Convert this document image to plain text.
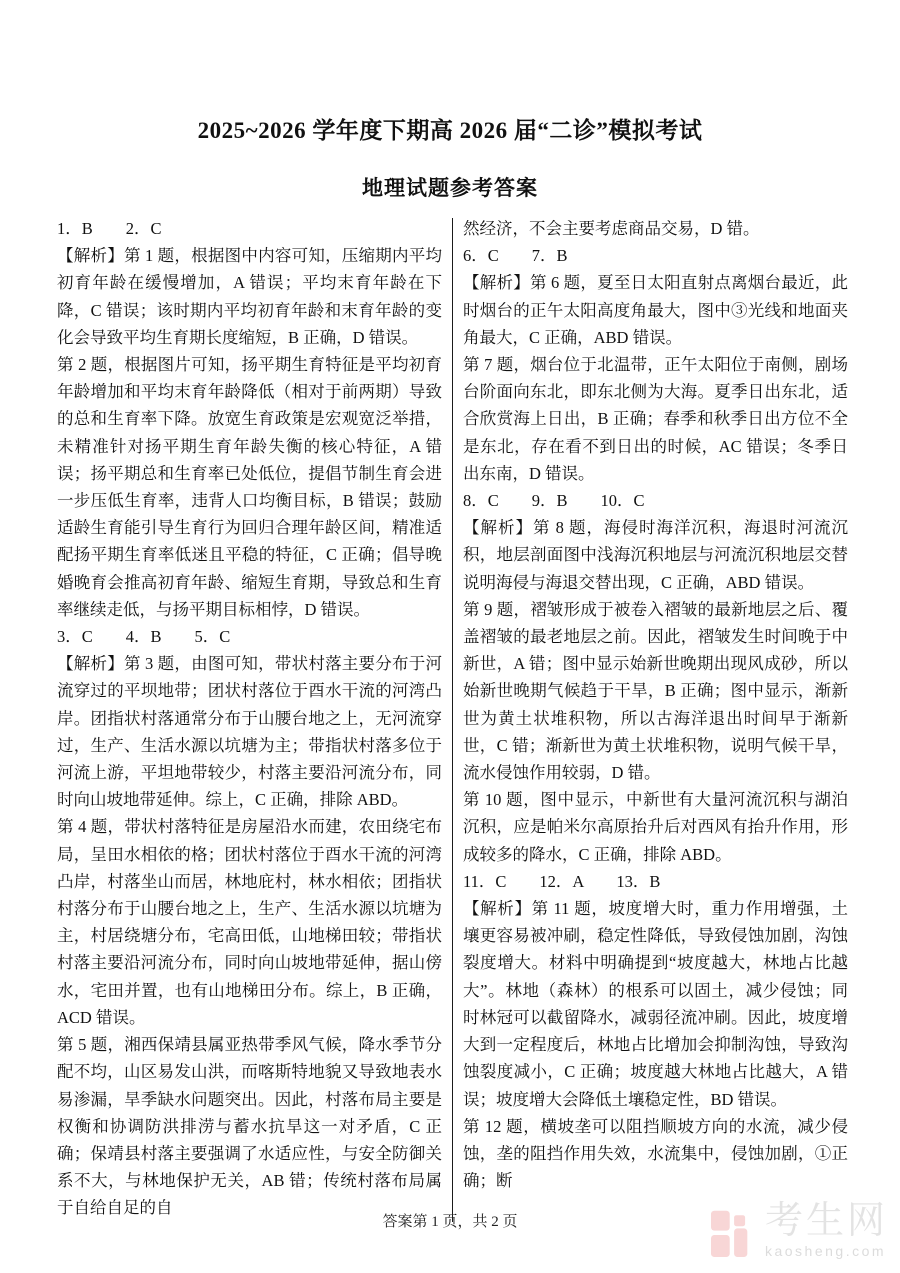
2025~2026 学年度下期高 2026 届“二诊”模拟考试
地理试题参考答案

1．B　　2．C

【解析】第 1 题，根据图中内容可知，压缩期内平均初育年龄在缓慢增加，A 错误；平均末育年龄在下降，C 错误；该时期内平均初育年龄和末育年龄的变化会导致平均生育期长度缩短，B 正确，D 错误。

第 2 题，根据图片可知，扬平期生育特征是平均初育年龄增加和平均末育年龄降低（相对于前两期）导致的总和生育率下降。放宽生育政策是宏观宽泛举措，未精准针对扬平期生育年龄失衡的核心特征，A 错误；扬平期总和生育率已处低位，提倡节制生育会进一步压低生育率，违背人口均衡目标，B 错误；鼓励适龄生育能引导生育行为回归合理年龄区间，精准适配扬平期生育率低迷且平稳的特征，C 正确；倡导晚婚晚育会推高初育年龄、缩短生育期，导致总和生育率继续走低，与扬平期目标相悖，D 错误。

3．C　　4．B　　5．C

【解析】第 3 题，由图可知，带状村落主要分布于河流穿过的平坝地带；团状村落位于酉水干流的河湾凸岸。团指状村落通常分布于山腰台地之上，无河流穿过，生产、生活水源以坑塘为主；带指状村落多位于河流上游，平坦地带较少，村落主要沿河流分布，同时向山坡地带延伸。综上，C 正确，排除 ABD。

第 4 题，带状村落特征是房屋沿水而建，农田绕宅布局，呈田水相依的格；团状村落位于酉水干流的河湾凸岸，村落坐山而居，林地庇村，林水相依；团指状村落分布于山腰台地之上，生产、生活水源以坑塘为主，村居绕塘分布，宅高田低，山地梯田较；带指状村落主要沿河流分布，同时向山坡地带延伸，据山傍水，宅田并置，也有山地梯田分布。综上，B 正确，ACD 错误。

第 5 题，湘西保靖县属亚热带季风气候，降水季节分配不均，山区易发山洪，而喀斯特地貌又导致地表水易渗漏，旱季缺水问题突出。因此，村落布局主要是权衡和协调防洪排涝与蓄水抗旱这一对矛盾，C 正确；保靖县村落主要强调了水适应性，与安全防御关系不大，与林地保护无关，AB 错；传统村落布局属于自给自足的自

然经济，不会主要考虑商品交易，D 错。

6．C　　7．B

【解析】第 6 题，夏至日太阳直射点离烟台最近，此时烟台的正午太阳高度角最大，图中③光线和地面夹角最大，C 正确，ABD 错误。

第 7 题，烟台位于北温带，正午太阳位于南侧，剧场台阶面向东北，即东北侧为大海。夏季日出东北，适合欣赏海上日出，B 正确；春季和秋季日出方位不全是东北，存在看不到日出的时候，AC 错误；冬季日出东南，D 错误。

8．C　　9．B　　10．C

【解析】第 8 题，海侵时海洋沉积，海退时河流沉积，地层剖面图中浅海沉积地层与河流沉积地层交替说明海侵与海退交替出现，C 正确，ABD 错误。

第 9 题，褶皱形成于被卷入褶皱的最新地层之后、覆盖褶皱的最老地层之前。因此，褶皱发生时间晚于中新世，A 错；图中显示始新世晚期出现风成砂，所以始新世晚期气候趋于干旱，B 正确；图中显示，渐新世为黄土状堆积物，所以古海洋退出时间早于渐新世，C 错；渐新世为黄土状堆积物，说明气候干旱，流水侵蚀作用较弱，D 错。

第 10 题，图中显示，中新世有大量河流沉积与湖泊沉积，应是帕米尔高原抬升后对西风有抬升作用，形成较多的降水，C 正确，排除 ABD。

11．C　　12．A　　13．B

【解析】第 11 题，坡度增大时，重力作用增强，土壤更容易被冲刷，稳定性降低，导致侵蚀加剧，沟蚀裂度增大。材料中明确提到“坡度越大，林地占比越大”。林地（森林）的根系可以固土，减少侵蚀；同时林冠可以截留降水，减弱径流冲刷。因此，坡度增大到一定程度后，林地占比增加会抑制沟蚀，导致沟蚀裂度减小，C 正确；坡度越大林地占比越大，A 错误；坡度增大会降低土壤稳定性，BD 错误。

第 12 题，横坡垄可以阻挡顺坡方向的水流，减少侵蚀，垄的阻挡作用失效，水流集中，侵蚀加剧，①正确；断

答案第 1 页，共 2 页	考生网
kaosheng.com
